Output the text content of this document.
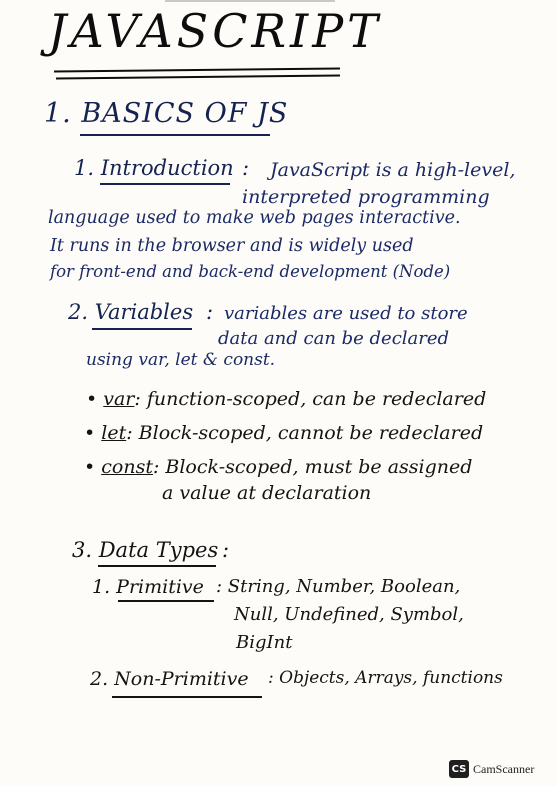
JAVASCRIPT
1. BASICS OF JS
1. Introduction : JavaScript is a high-level,
interpreted programming
language used to make web pages interactive.
It runs in the browser and is widely used
for front-end and back-end development (Node)
2. Variables : variables are used to store
data and can be declared
using var, let & const.
• var: function-scoped, can be redeclared
• let: Block-scoped, cannot be redeclared
• const: Block-scoped, must be assigned
a value at declaration
3. Data Types :
1. Primitive : String, Number, Boolean,
Null, Undefined, Symbol,
BigInt
2. Non-Primitive : Objects, Arrays, functions
CS CamScanner
